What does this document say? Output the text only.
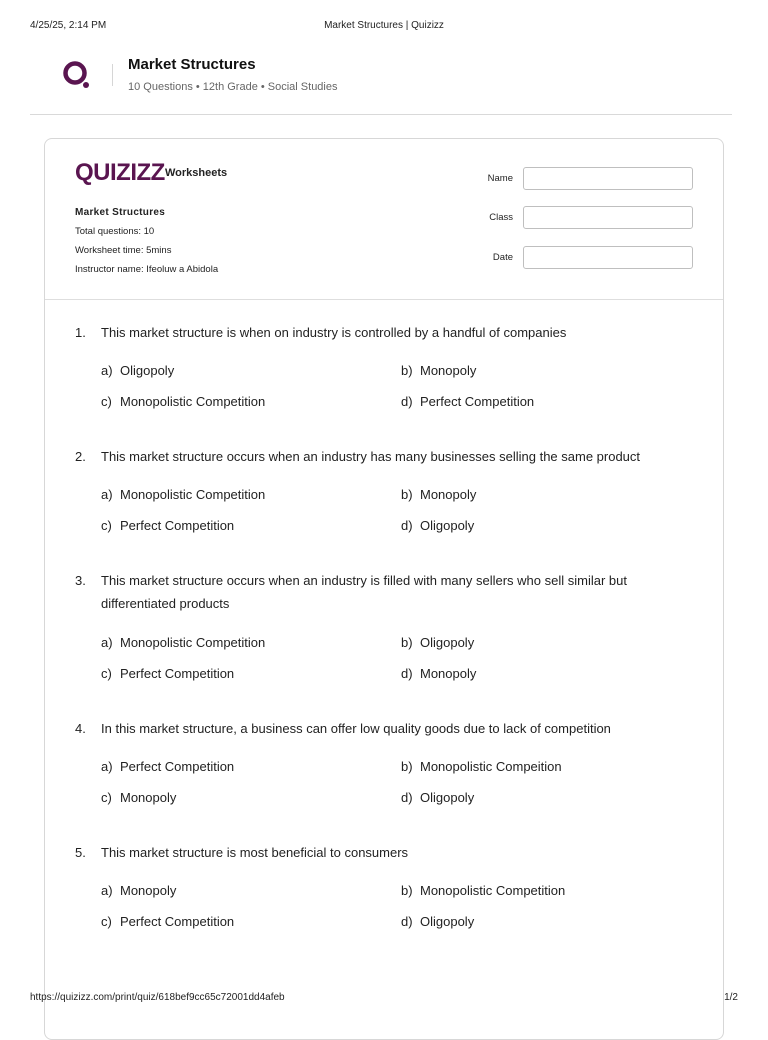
4/25/25, 2:14 PM	Market Structures | Quizizz
Market Structures
10 Questions • 12th Grade • Social Studies
QUIZIZZ Worksheets
Market Structures
Total questions: 10
Worksheet time: 5mins
Instructor name: Ifeoluw a Abidola
Name
Class
Date
1. This market structure is when on industry is controlled by a handful of companies
a) Oligopoly	b) Monopoly
c) Monopolistic Competition	d) Perfect Competition
2. This market structure occurs when an industry has many businesses selling the same product
a) Monopolistic Competition	b) Monopoly
c) Perfect Competition	d) Oligopoly
3. This market structure occurs when an industry is filled with many sellers who sell similar but differentiated products
a) Monopolistic Competition	b) Oligopoly
c) Perfect Competition	d) Monopoly
4. In this market structure, a business can offer low quality goods due to lack of competition
a) Perfect Competition	b) Monopolistic Compeition
c) Monopoly	d) Oligopoly
5. This market structure is most beneficial to consumers
a) Monopoly	b) Monopolistic Competition
c) Perfect Competition	d) Oligopoly
https://quizizz.com/print/quiz/618bef9cc65c72001dd4afeb	1/2
